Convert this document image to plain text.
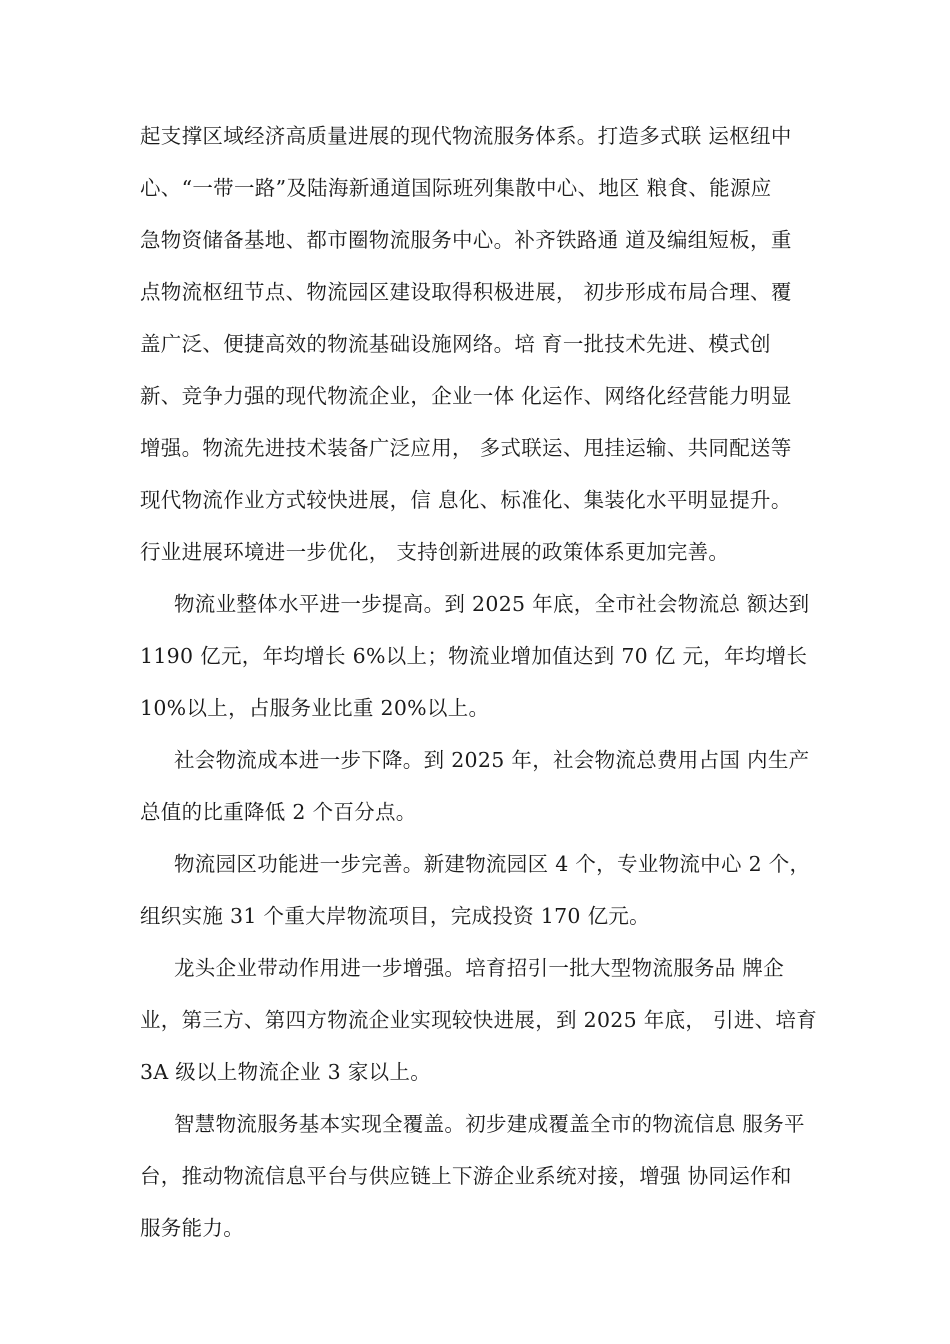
起支撑区域经济高质量进展的现代物流服务体系。打造多式联 运枢纽中
心、“一带一路”及陆海新通道国际班列集散中心、地区 粮食、能源应
急物资储备基地、都市圈物流服务中心。补齐铁路通 道及编组短板，重
点物流枢纽节点、物流园区建设取得积极进展， 初步形成布局合理、覆
盖广泛、便捷高效的物流基础设施网络。培 育一批技术先进、模式创
新、竞争力强的现代物流企业，企业一体 化运作、网络化经营能力明显
增强。物流先进技术装备广泛应用， 多式联运、甩挂运输、共同配送等
现代物流作业方式较快进展，信 息化、标准化、集装化水平明显提升。
行业进展环境进一步优化， 支持创新进展的政策体系更加完善。
物流业整体水平进一步提高。到 2025 年底，全市社会物流总 额达到
1190 亿元，年均增长 6%以上；物流业增加值达到 70 亿 元，年均增长
10%以上，占服务业比重 20%以上。
社会物流成本进一步下降。到 2025 年，社会物流总费用占国 内生产
总值的比重降低 2 个百分点。
物流园区功能进一步完善。新建物流园区 4 个，专业物流中心 2 个，
组织实施 31 个重大岸物流项目，完成投资 170 亿元。
龙头企业带动作用进一步增强。培育招引一批大型物流服务品 牌企
业，第三方、第四方物流企业实现较快进展，到 2025 年底， 引进、培育
3A 级以上物流企业 3 家以上。
智慧物流服务基本实现全覆盖。初步建成覆盖全市的物流信息 服务平
台，推动物流信息平台与供应链上下游企业系统对接，增强 协同运作和
服务能力。
